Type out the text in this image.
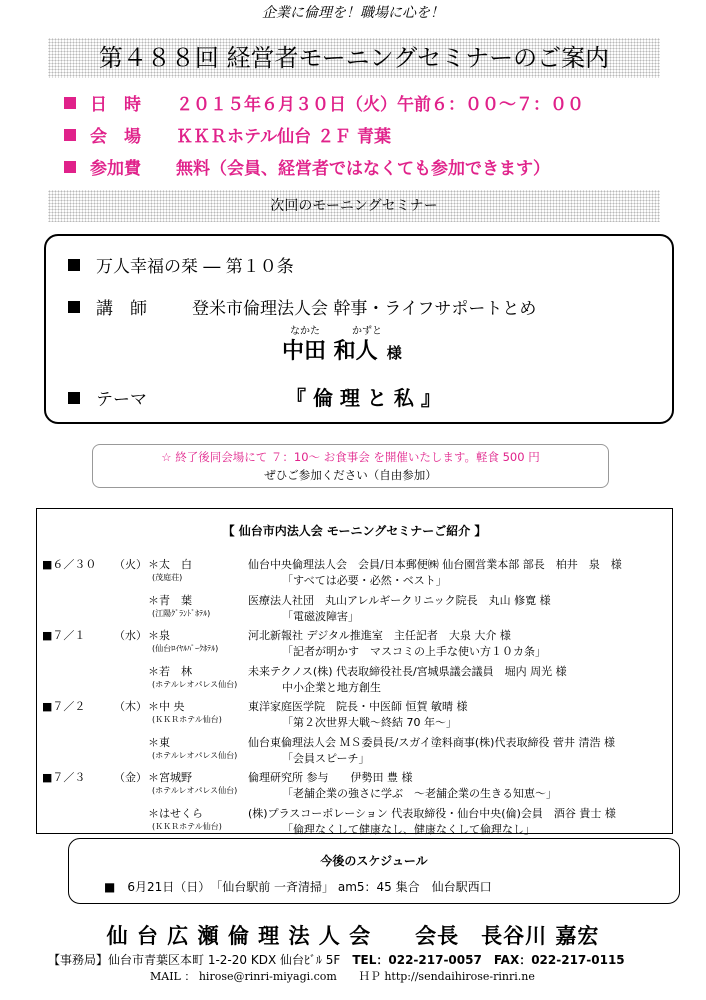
企業に倫理を！職場に心を！
第４８８回 経営者モーニングセミナーのご案内
日　時 ２０１５年６月３０日（火）午前６：００～７：００
会　場 ＫＫＲホテル仙台 ２Ｆ 青葉
参加費 無料（会員、経営者ではなくても参加できます）
次回のモーニングセミナー
万人幸福の栞 ― 第１０条
講　師	登米市倫理法人会 幹事・ライフサポートとめ
なかた	かずと
中田 和人 様
テーマ	『 倫 理 と 私 』
☆ 終了後同会場にて ７：10～ お食事会 を開催いたします。軽食 500 円
ぜひご参加ください（自由参加）
【 仙台市内法人会 モーニングセミナーご紹介 】
■６／３０ （火） ＊太　白
(茂庭荘)
仙台中央倫理法人会　会員/日本郵便㈱ 仙台園営業本部 部長　柏井　泉　様
「すべては必要・必然・ベスト」
＊青　葉
(江陽ｸﾞﾗﾝﾄﾞﾎﾃﾙ)
医療法人社団　丸山アレルギークリニック院長　丸山 修寛 様
「電磁波障害」
■７／１	（水） ＊泉
(仙台ﾛｲﾔﾙﾊﾟｰｸﾎﾃﾙ)
河北新報社 デジタル推進室　主任記者　大泉 大介 様
「記者が明かす　マスコミの上手な使い方１０カ条」
＊若　林
(ホテルレオパレス仙台)
未来テクノス(株) 代表取締役社長/宮城県議会議員　堀内 周光 様
中小企業と地方創生
■７／２	（木） ＊中 央
(ＫＫＲホテル仙台)
東洋家庭医学院　院長・中医師 恒賀 敏晴 様
「第２次世界大戦～終結 70 年～」
＊東
(ホテルレオパレス仙台)
仙台東倫理法人会 ＭＳ委員長/スガイ塗料商事(株)代表取締役 菅井 清浩 様
「会員スピーチ」
■７／３	（金） ＊宮城野
(ホテルレオパレス仙台)
倫理研究所 参与　　伊勢田 豊 様
「老舗企業の強さに学ぶ　～老舗企業の生きる知恵～」
＊はせくら
(ＫＫＲホテル仙台)
(株)プラスコーポレーション 代表取締役・仙台中央(倫)会員　酒谷 貴士 様
「倫理なくして健康なし、健康なくして倫理なし」
今後のスケジュール
■　6月21日（日）　「仙台駅前 一斉清掃」 am5：45 集合　仙台駅西口
仙 台 広 瀬 倫 理 法 人 会　　 会長　長谷川 嘉宏
【事務局】仙台市青葉区本町 1-2-20 KDX 仙台ﾋﾞﾙ 5F　 TEL：022-217-0057　FAX：022-217-0115
MAIL ： hirose@rinri-miyagi.com　　 ＨＰ http://sendaihirose-rinri.ne
